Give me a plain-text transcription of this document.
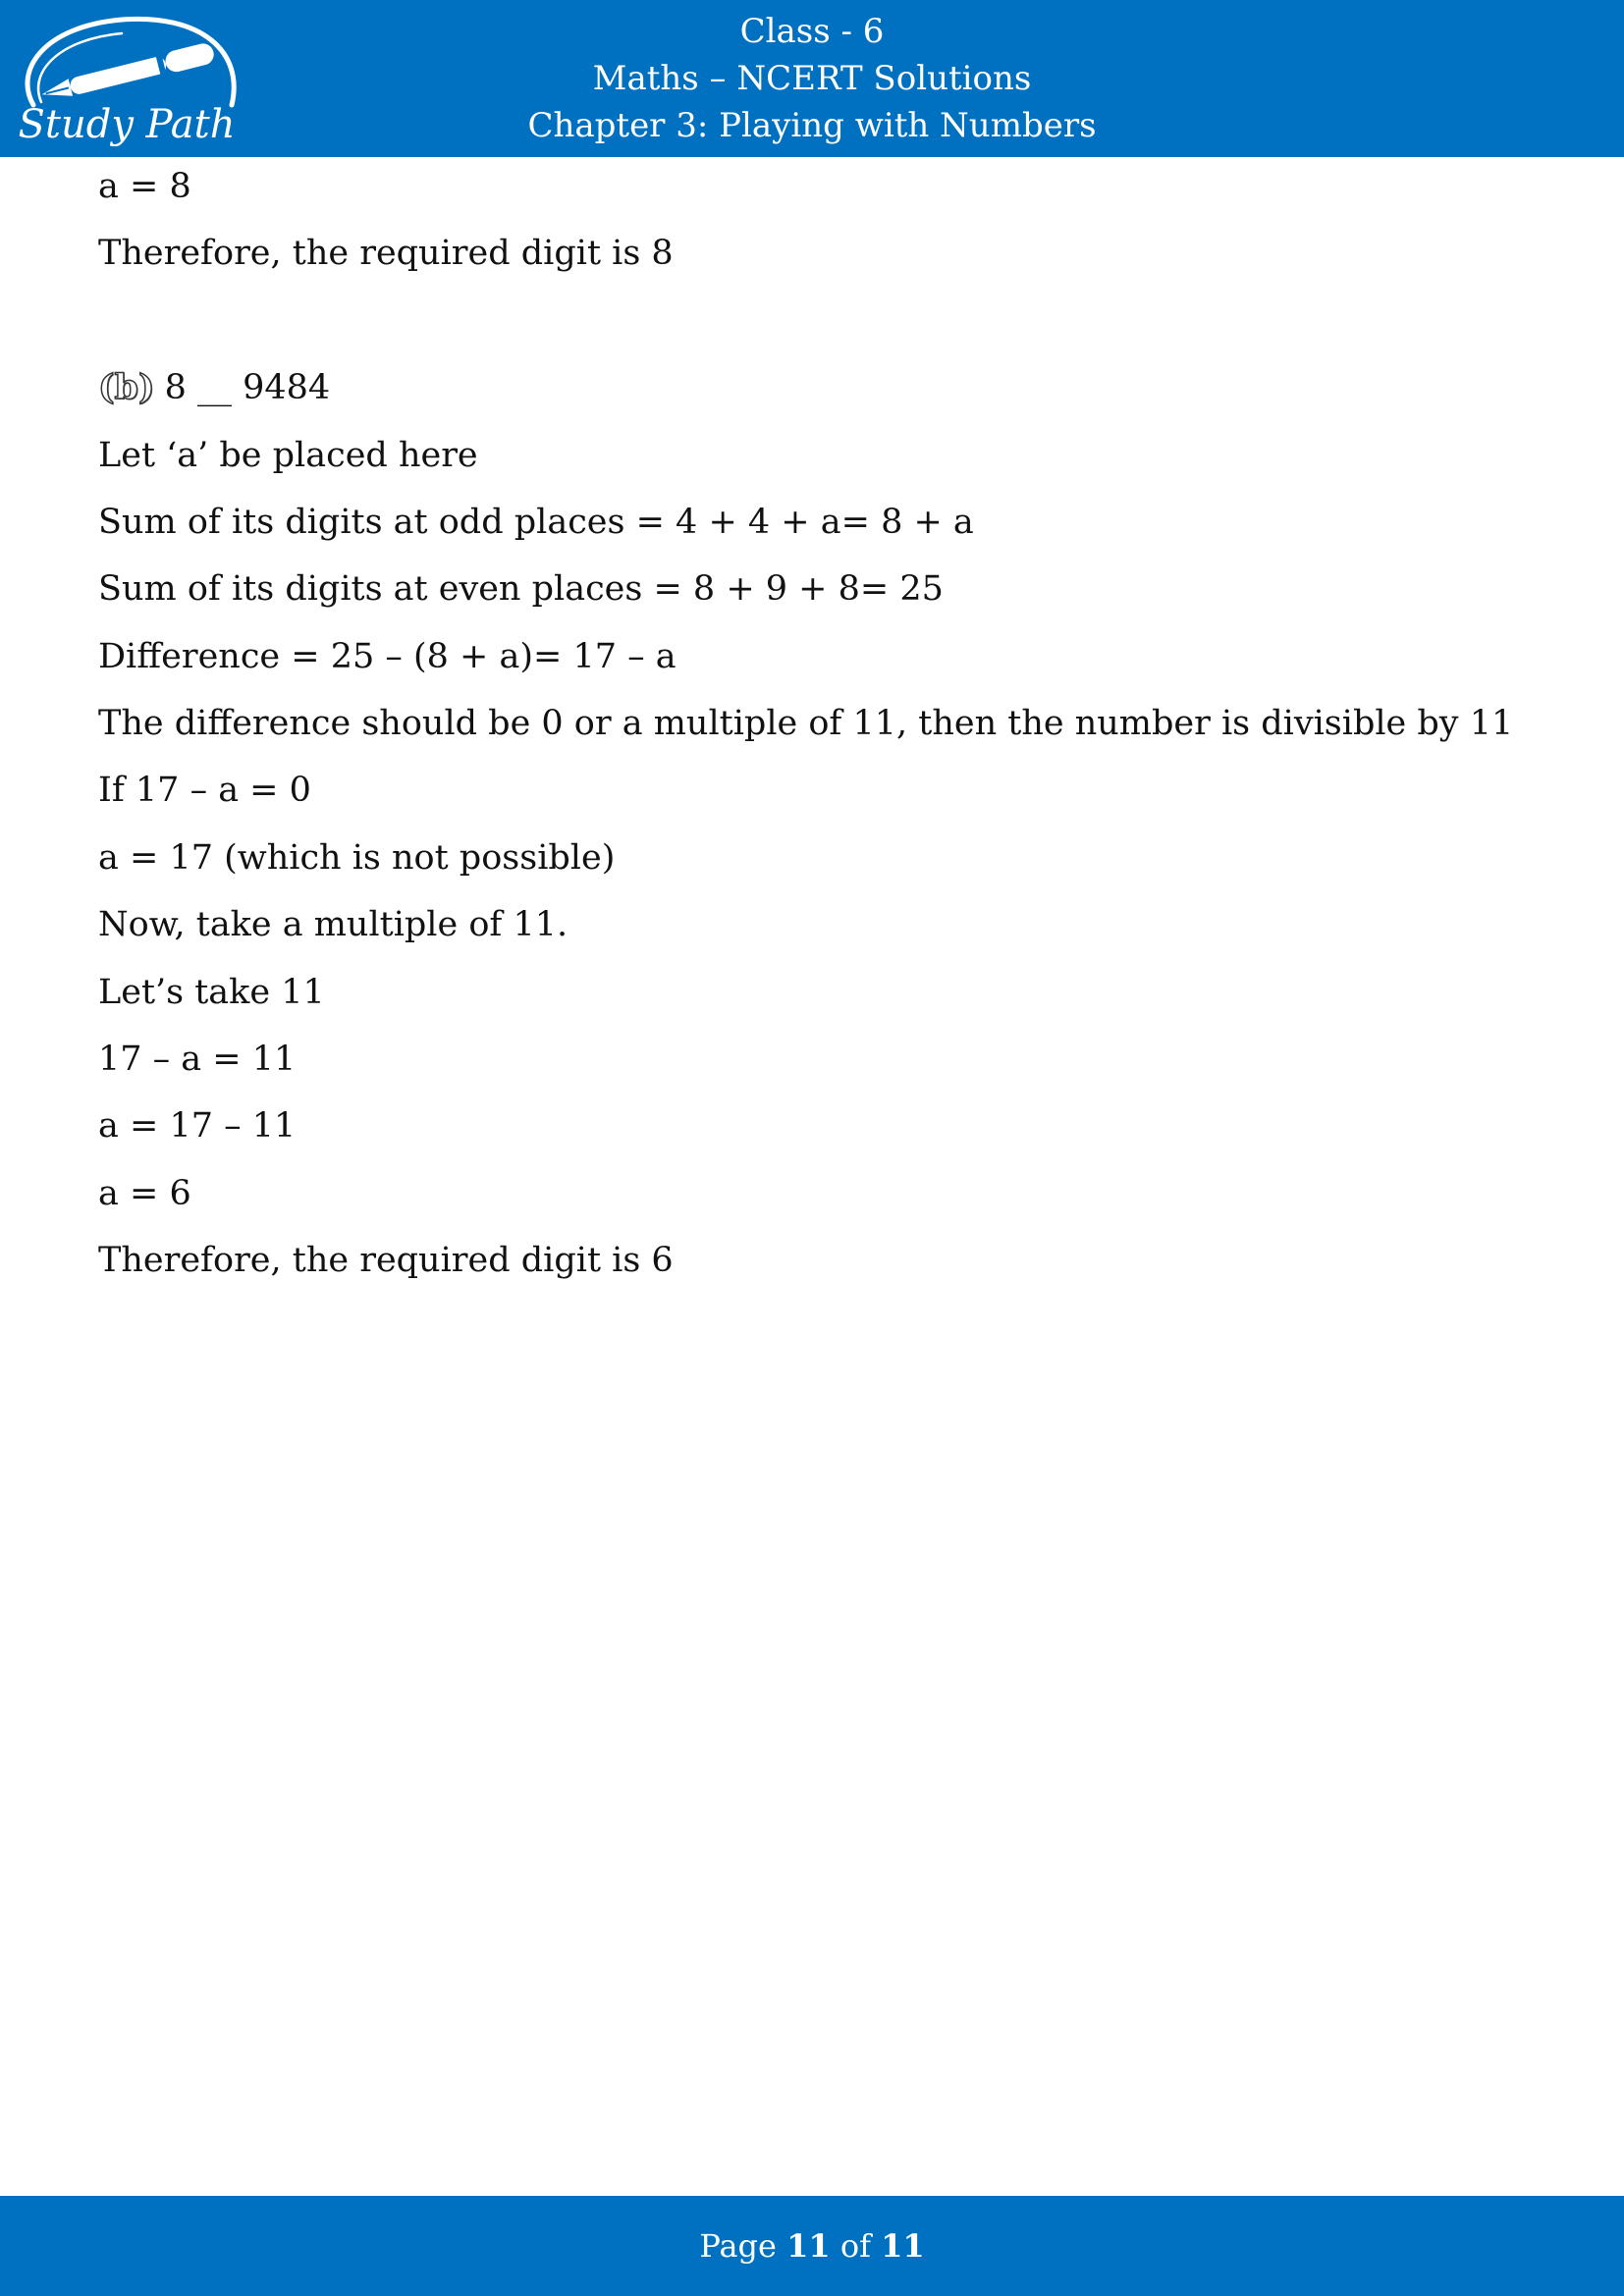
Study Path
Class - 6
Maths – NCERT Solutions
Chapter 3: Playing with Numbers
a = 8
Therefore, the required digit is 8
(b) 8 __ 9484
Let ‘a’ be placed here
Sum of its digits at odd places = 4 + 4 + a= 8 + a
Sum of its digits at even places = 8 + 9 + 8= 25
Difference = 25 – (8 + a)= 17 – a
The difference should be 0 or a multiple of 11, then the number is divisible by 11
If 17 – a = 0
a = 17 (which is not possible)
Now, take a multiple of 11.
Let’s take 11
17 – a = 11
a = 17 – 11
a = 6
Therefore, the required digit is 6
Page 11 of 11
